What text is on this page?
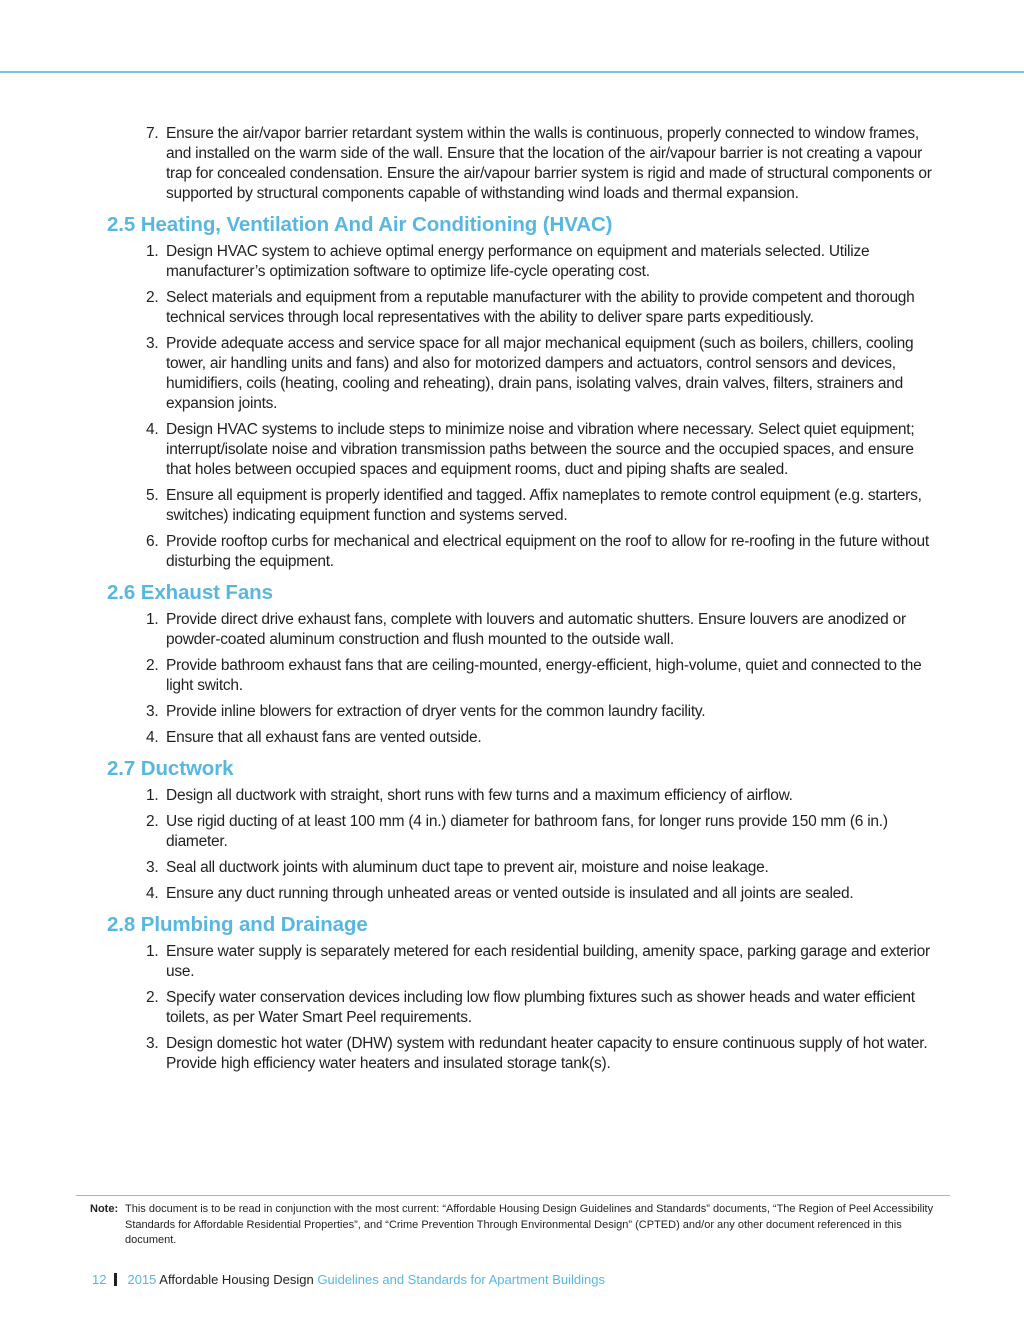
7. Ensure the air/vapor barrier retardant system within the walls is continuous, properly connected to window frames, and installed on the warm side of the wall. Ensure that the location of the air/vapour barrier is not creating a vapour trap for concealed condensation. Ensure the air/vapour barrier system is rigid and made of structural components or supported by structural components capable of withstanding wind loads and thermal expansion.
2.5 Heating, Ventilation And Air Conditioning (HVAC)
1. Design HVAC system to achieve optimal energy performance on equipment and materials selected. Utilize manufacturer’s optimization software to optimize life-cycle operating cost.
2. Select materials and equipment from a reputable manufacturer with the ability to provide competent and thorough technical services through local representatives with the ability to deliver spare parts expeditiously.
3. Provide adequate access and service space for all major mechanical equipment (such as boilers, chillers, cooling tower, air handling units and fans) and also for motorized dampers and actuators, control sensors and devices, humidifiers, coils (heating, cooling and reheating), drain pans, isolating valves, drain valves, filters, strainers and expansion joints.
4. Design HVAC systems to include steps to minimize noise and vibration where necessary. Select quiet equipment; interrupt/isolate noise and vibration transmission paths between the source and the occupied spaces, and ensure that holes between occupied spaces and equipment rooms, duct and piping shafts are sealed.
5. Ensure all equipment is properly identified and tagged. Affix nameplates to remote control equipment (e.g. starters, switches) indicating equipment function and systems served.
6. Provide rooftop curbs for mechanical and electrical equipment on the roof to allow for re-roofing in the future without disturbing the equipment.
2.6 Exhaust Fans
1. Provide direct drive exhaust fans, complete with louvers and automatic shutters. Ensure louvers are anodized or powder-coated aluminum construction and flush mounted to the outside wall.
2. Provide bathroom exhaust fans that are ceiling-mounted, energy-efficient, high-volume, quiet and connected to the light switch.
3. Provide inline blowers for extraction of dryer vents for the common laundry facility.
4. Ensure that all exhaust fans are vented outside.
2.7 Ductwork
1. Design all ductwork with straight, short runs with few turns and a maximum efficiency of airflow.
2. Use rigid ducting of at least 100 mm (4 in.) diameter for bathroom fans, for longer runs provide 150 mm (6 in.) diameter.
3. Seal all ductwork joints with aluminum duct tape to prevent air, moisture and noise leakage.
4. Ensure any duct running through unheated areas or vented outside is insulated and all joints are sealed.
2.8 Plumbing and Drainage
1. Ensure water supply is separately metered for each residential building, amenity space, parking garage and exterior use.
2. Specify water conservation devices including low flow plumbing fixtures such as shower heads and water efficient toilets, as per Water Smart Peel requirements.
3. Design domestic hot water (DHW) system with redundant heater capacity to ensure continuous supply of hot water. Provide high efficiency water heaters and insulated storage tank(s).
Note: This document is to be read in conjunction with the most current: “Affordable Housing Design Guidelines and Standards” documents, “The Region of Peel Accessibility Standards for Affordable Residential Properties”, and “Crime Prevention Through Environmental Design” (CPTED) and/or any other document referenced in this document.
12 2015 Affordable Housing Design Guidelines and Standards for Apartment Buildings
